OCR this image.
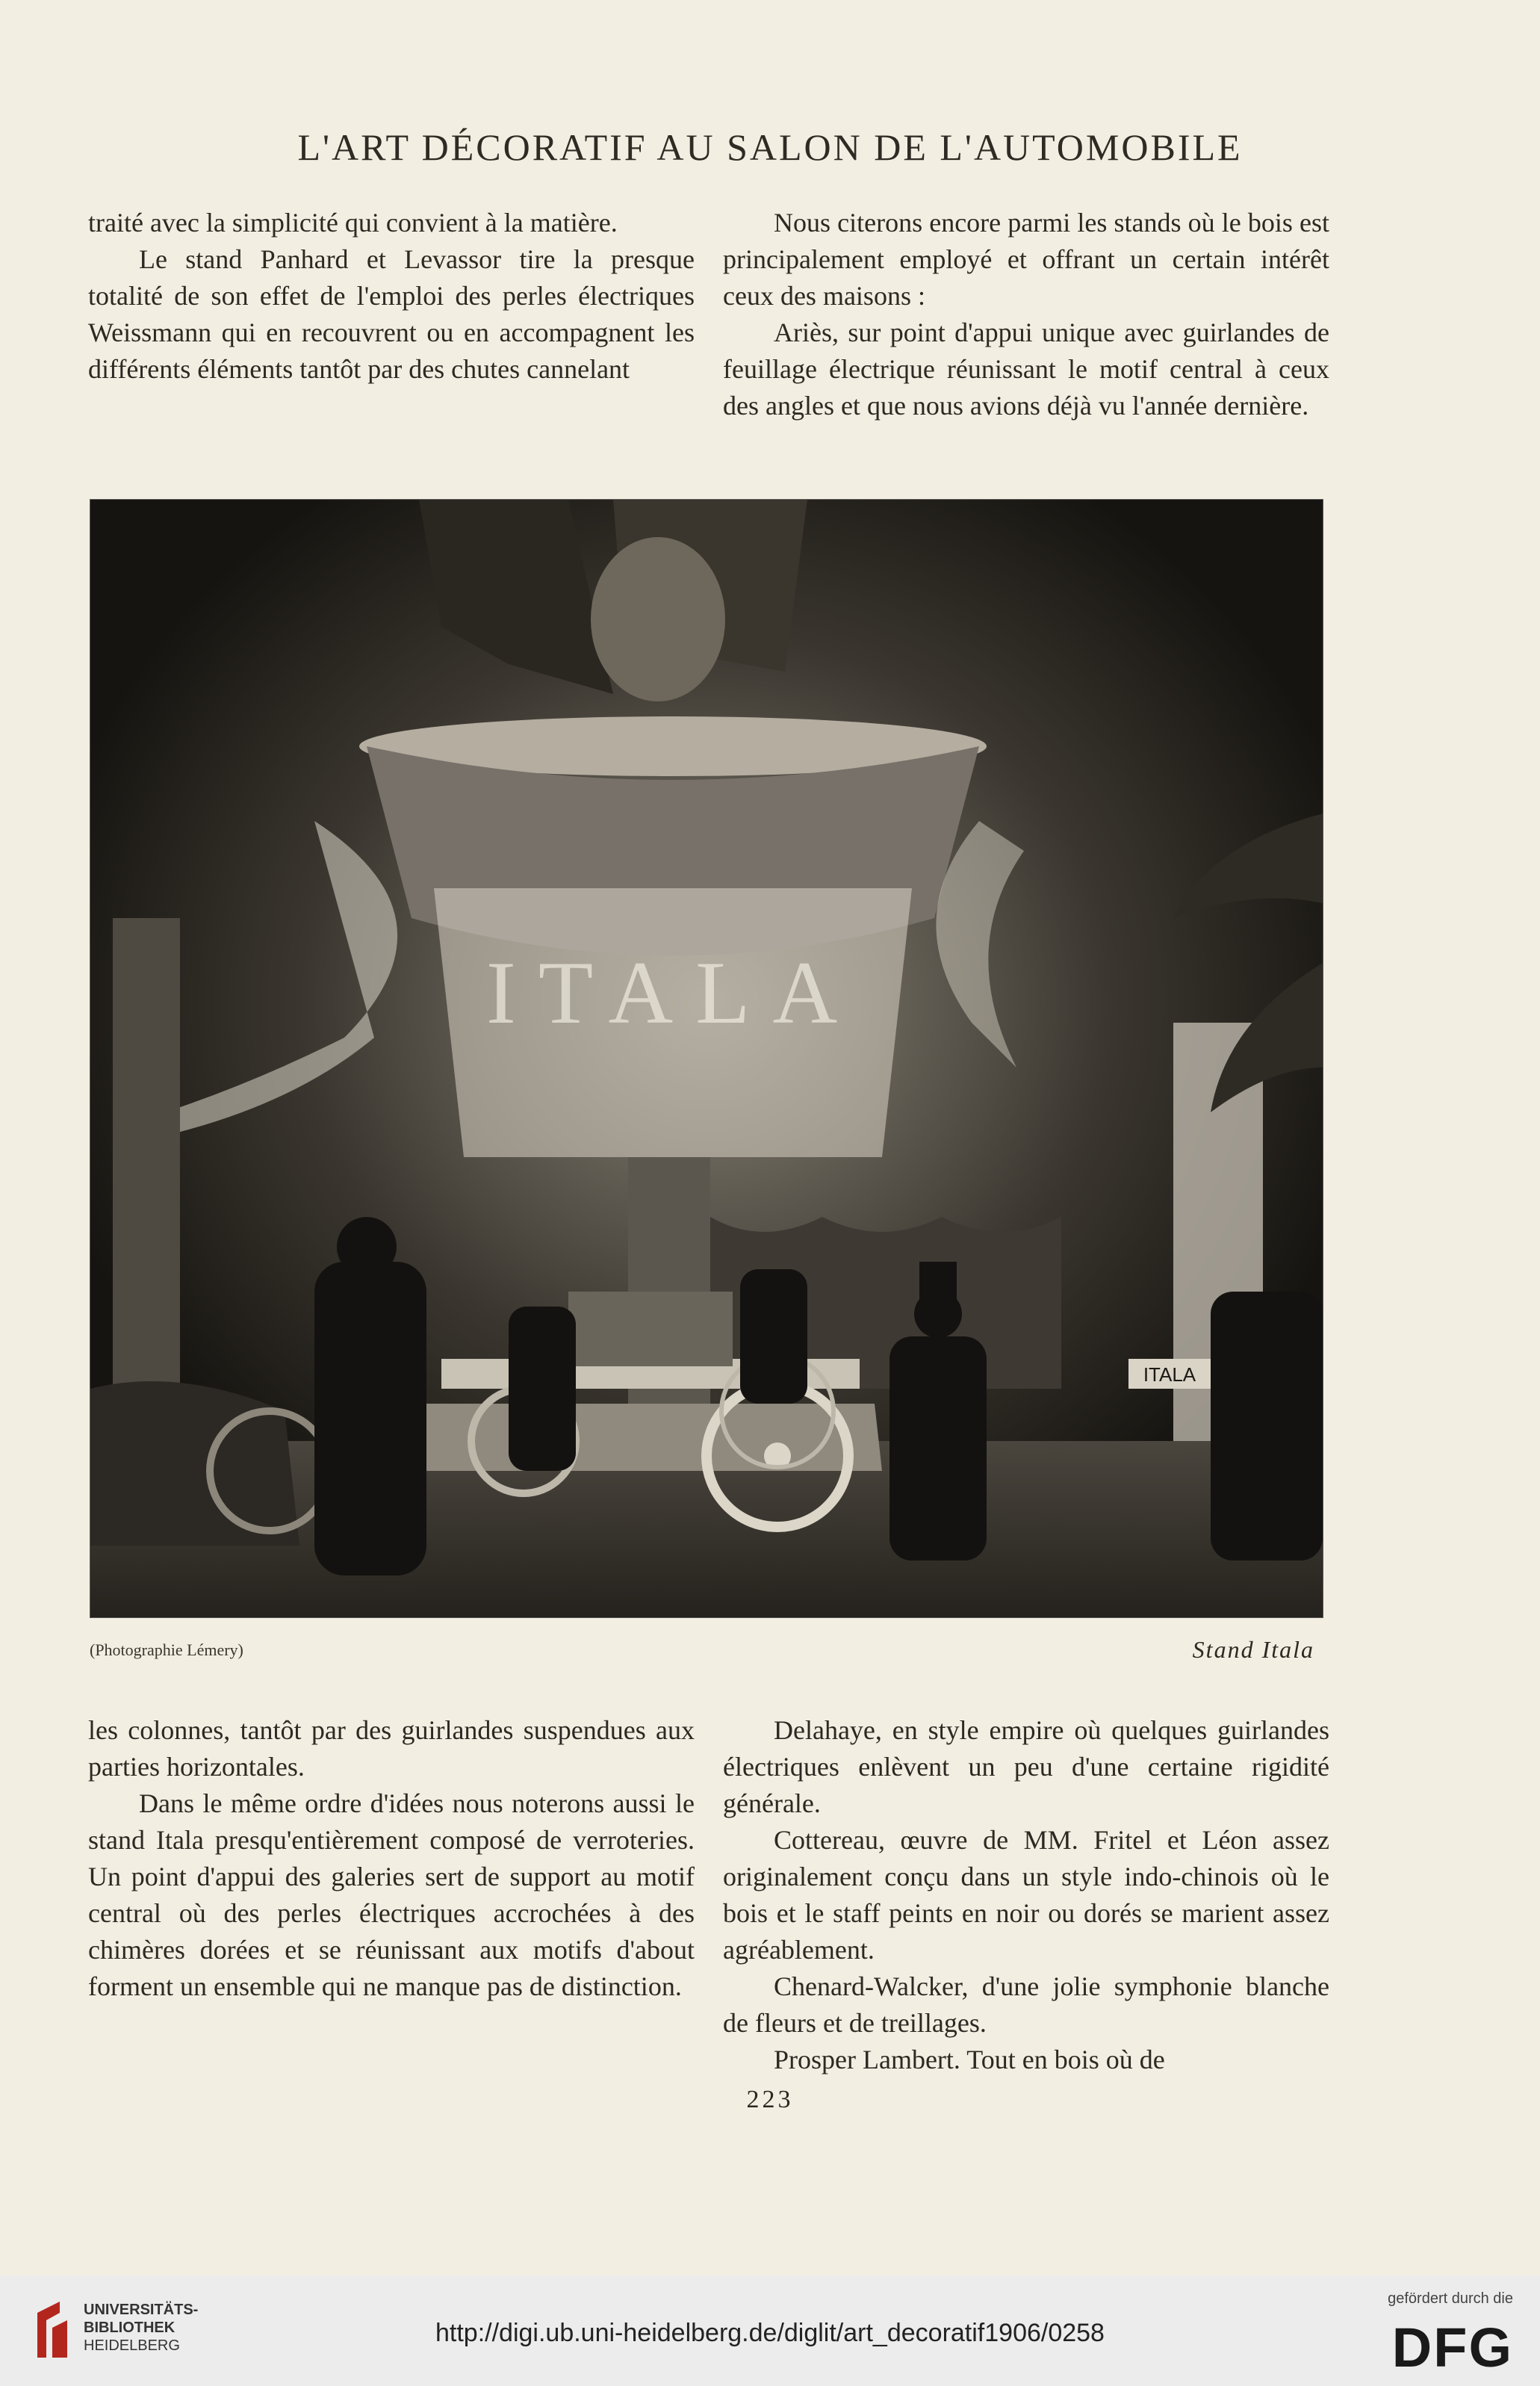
L'ART DÉCORATIF AU SALON DE L'AUTOMOBILE

traité avec la simplicité qui convient à la matière.

Le stand Panhard et Levassor tire la presque totalité de son effet de l'emploi des perles électriques Weissmann qui en recouvrent ou en accompagnent les différents éléments tantôt par des chutes cannelant

Nous citerons encore parmi les stands où le bois est principalement employé et offrant un certain intérêt ceux des maisons :

Ariès, sur point d'appui unique avec guirlandes de feuillage électrique réunissant le motif central à ceux des angles et que nous avions déjà vu l'année dernière.

ITALA
ITALA
(Photographie Lémery)	Stand Itala

les colonnes, tantôt par des guirlandes suspendues aux parties horizontales.

Dans le même ordre d'idées nous noterons aussi le stand Itala presqu'entièrement composé de verroteries. Un point d'appui des galeries sert de support au motif central où des perles électriques accrochées à des chimères dorées et se réunissant aux motifs d'about forment un ensemble qui ne manque pas de distinction.

Delahaye, en style empire où quelques guirlandes électriques enlèvent un peu d'une certaine rigidité générale.

Cottereau, œuvre de MM. Fritel et Léon assez originalement conçu dans un style indo-chinois où le bois et le staff peints en noir ou dorés se marient assez agréablement.

Chenard-Walcker, d'une jolie symphonie blanche de fleurs et de treillages.

Prosper Lambert. Tout en bois où de

223
UNIVERSITÄTS-
BIBLIOTHEK
HEIDELBERG	http://digi.ub.uni-heidelberg.de/diglit/art_decoratif1906/0258
gefördert durch die
DFG
